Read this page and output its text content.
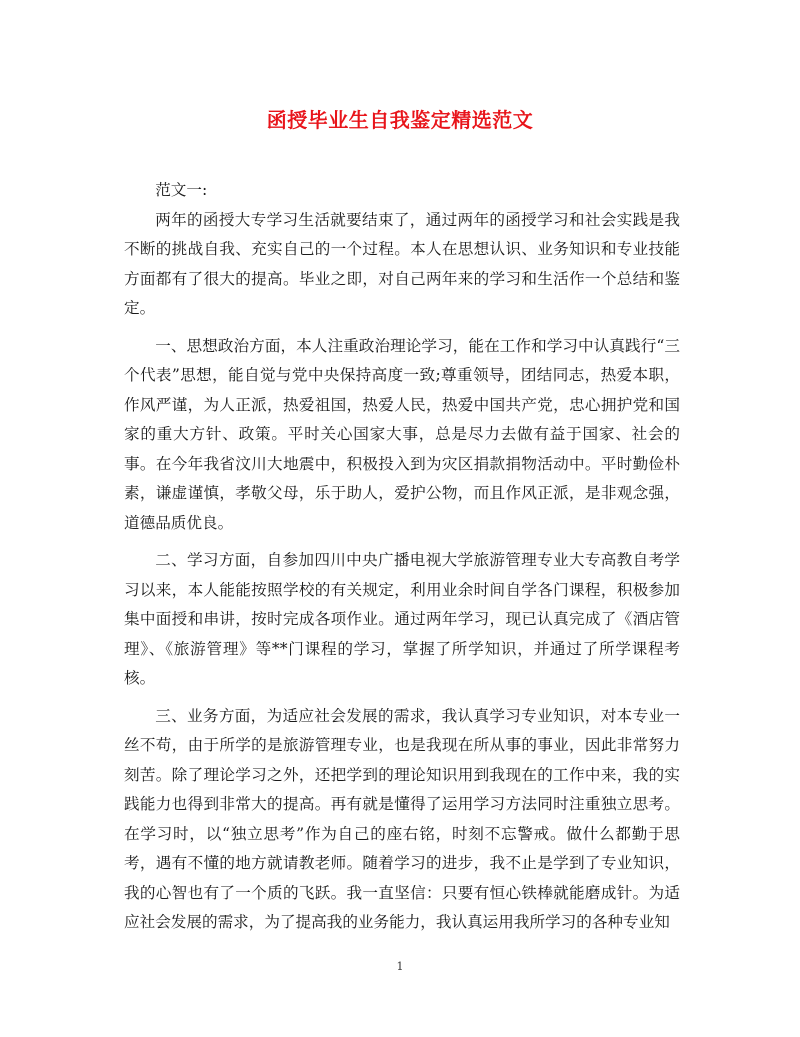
函授毕业生自我鉴定精选范文

范文一:

两年的函授大专学习生活就要结束了，通过两年的函授学习和社会实践是我不断的挑战自我、充实自己的一个过程。本人在思想认识、业务知识和专业技能方面都有了很大的提高。毕业之即，对自己两年来的学习和生活作一个总结和鉴定。

一、思想政治方面，本人注重政治理论学习，能在工作和学习中认真践行“三个代表”思想，能自觉与党中央保持高度一致;尊重领导，团结同志，热爱本职，作风严谨，为人正派，热爱祖国，热爱人民，热爱中国共产党，忠心拥护党和国家的重大方针、政策。平时关心国家大事，总是尽力去做有益于国家、社会的事。在今年我省汶川大地震中，积极投入到为灾区捐款捐物活动中。平时勤俭朴素，谦虚谨慎，孝敬父母，乐于助人，爱护公物，而且作风正派，是非观念强，道德品质优良。

二、学习方面，自参加四川中央广播电视大学旅游管理专业大专高教自考学习以来，本人能能按照学校的有关规定，利用业余时间自学各门课程，积极参加集中面授和串讲，按时完成各项作业。通过两年学习，现已认真完成了《酒店管理》、《旅游管理》等**门课程的学习，掌握了所学知识，并通过了所学课程考核。

三、业务方面，为适应社会发展的需求，我认真学习专业知识，对本专业一丝不苟，由于所学的是旅游管理专业，也是我现在所从事的事业，因此非常努力刻苦。除了理论学习之外，还把学到的理论知识用到我现在的工作中来，我的实践能力也得到非常大的提高。再有就是懂得了运用学习方法同时注重独立思考。在学习时，以“独立思考”作为自己的座右铭，时刻不忘警戒。做什么都勤于思考，遇有不懂的地方就请教老师。随着学习的进步，我不止是学到了专业知识，我的心智也有了一个质的飞跃。我一直坚信：只要有恒心铁棒就能磨成针。为适应社会发展的需求，为了提高我的业务能力，我认真运用我所学习的各种专业知

1
